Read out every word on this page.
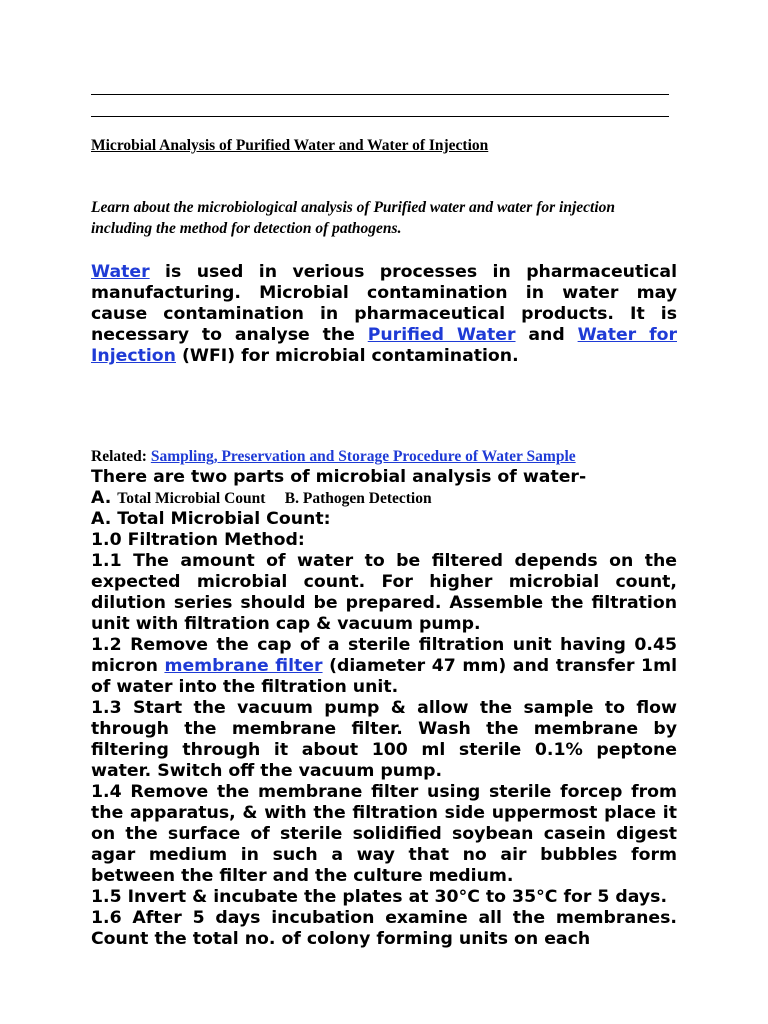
Microbial Analysis of Purified Water and Water of Injection
Learn about the microbiological analysis of Purified water and water for injection including the method for detection of pathogens.

Water is used in verious processes in pharmaceutical manufacturing. Microbial contamination in water may cause contamination in pharmaceutical products. It is necessary to analyse the Purified Water and Water for Injection (WFI) for microbial contamination.

Related: Sampling, Preservation and Storage Procedure of Water Sample

There are two parts of microbial analysis of water-

A. Total Microbial Count B. Pathogen Detection

A. Total Microbial Count:

1.0 Filtration Method:

1.1 The amount of water to be filtered depends on the expected microbial count. For higher microbial count, dilution series should be prepared. Assemble the filtration unit with filtration cap & vacuum pump.

1.2 Remove the cap of a sterile filtration unit having 0.45 micron membrane filter (diameter 47 mm) and transfer 1ml of water into the filtration unit.

1.3 Start the vacuum pump & allow the sample to flow through the membrane filter. Wash the membrane by filtering through it about 100 ml sterile 0.1% peptone water. Switch off the vacuum pump.

1.4 Remove the membrane filter using sterile forcep from the apparatus, & with the filtration side uppermost place it on the surface of sterile solidified soybean casein digest agar medium in such a way that no air bubbles form between the filter and the culture medium.

1.5 Invert & incubate the plates at 30°C to 35°C for 5 days.

1.6 After 5 days incubation examine all the membranes. Count the total no. of colony forming units on each
